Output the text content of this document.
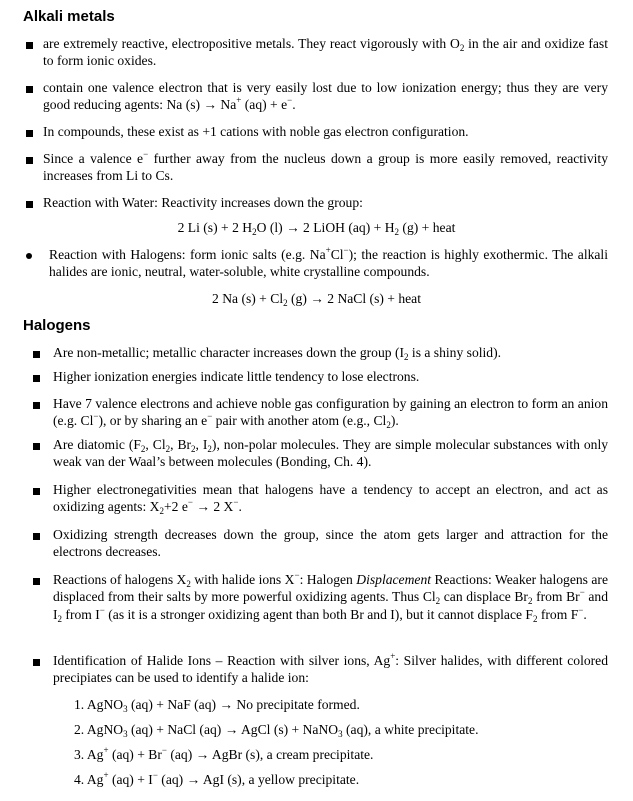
Alkali metals

are extremely reactive, electropositive metals. They react vigorously with $O_2$ in the air and oxidize fast to form ionic oxides.

contain one valence electron that is very easily lost due to low ionization energy; thus they are very good reducing agents: Na (s) → Na+ (aq) + e−.

In compounds, these exist as +1 cations with noble gas electron configuration.

Since a valence e− further away from the nucleus down a group is more easily removed, reactivity increases from Li to Cs.

Reaction with Water: Reactivity increases down the group:

2 Li (s) + 2 $H_2O$ (l) → 2 LiOH $(aq) + H_2$ (g) + heat

Reaction with Halogens: form ionic salts (e.g. Na+Cl−); the reaction is highly exothermic. The alkali halides are ionic, neutral, water-soluble, white crystalline compounds.

2 Na $(s) + Cl_2$ (g) → 2 NaCl (s) + heat

Halogens

Are non-metallic; metallic character increases down the group ($I_2$ is a shiny solid).

Higher ionization energies indicate little tendency to lose electrons.

Have 7 valence electrons and achieve noble gas configuration by gaining an electron to form an anion (e.g. Cl−), or by sharing an e− pair with another atom (e.g., $Cl_2$).

Are diatomic ($F_2$, $Cl_2$, $Br_2$, $I_2$), non-polar molecules. They are simple molecular substances with only weak van der Waal’s between molecules (Bonding, Ch. 4).

Higher electronegativities mean that halogens have a tendency to accept an electron, and act as oxidizing agents: $X_2+2$ e− → 2 X−.

Oxidizing strength decreases down the group, since the atom gets larger and attraction for the electrons decreases.

Reactions of halogens $X_2$ with halide ions X−: Halogen Displacement Reactions: Weaker halogens are displaced from their salts by more powerful oxidizing agents. Thus $Cl_2$ can displace $Br_2$ from Br− and $I_2$ from I− (as it is a stronger oxidizing agent than both Br and I), but it cannot displace $F_2$ from F−.

Identification of Halide Ions – Reaction with silver ions, Ag+: Silver halides, with different colored precipiates can be used to identify a halide ion:

1. AgNO$_3$ (aq) + NaF (aq) → No precipitate formed.

2. AgNO$_3$ (aq) + NaCl (aq) → AgCl (s) + NaNO$_3$ (aq), a white precipitate.

3. Ag+ (aq) + Br− (aq) → AgBr (s), a cream precipitate.

4. Ag+ (aq) + I− (aq) → AgI (s), a yellow precipitate.
